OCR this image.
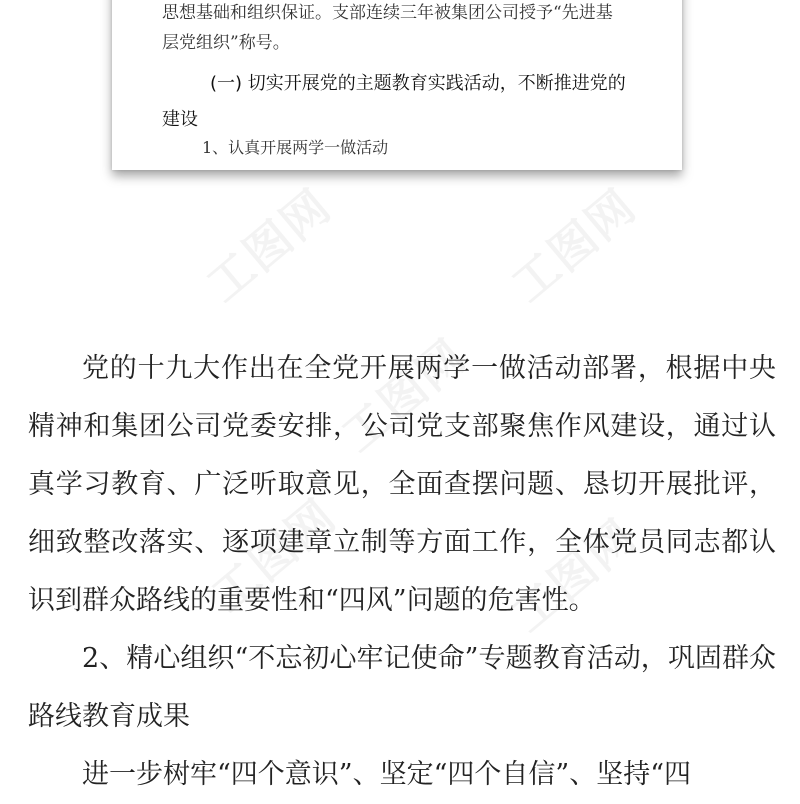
工图网	工图网
工图网
工图网
工图网
思想基础和组织保证。支部连续三年被集团公司授予“先进基
层党组织”称号。
(一) 切实开展党的主题教育实践活动，不断推进党的建设
1、认真开展两学一做活动

党的十九大作出在全党开展两学一做活动部署，根据中央精神和集团公司党委安排，公司党支部聚焦作风建设，通过认真学习教育、广泛听取意见，全面查摆问题、恳切开展批评，细致整改落实、逐项建章立制等方面工作，全体党员同志都认识到群众路线的重要性和“四风”问题的危害性。

2、精心组织“不忘初心牢记使命”专题教育活动，巩固群众路线教育成果

进一步树牢“四个意识”、坚定“四个自信”、坚持“四
